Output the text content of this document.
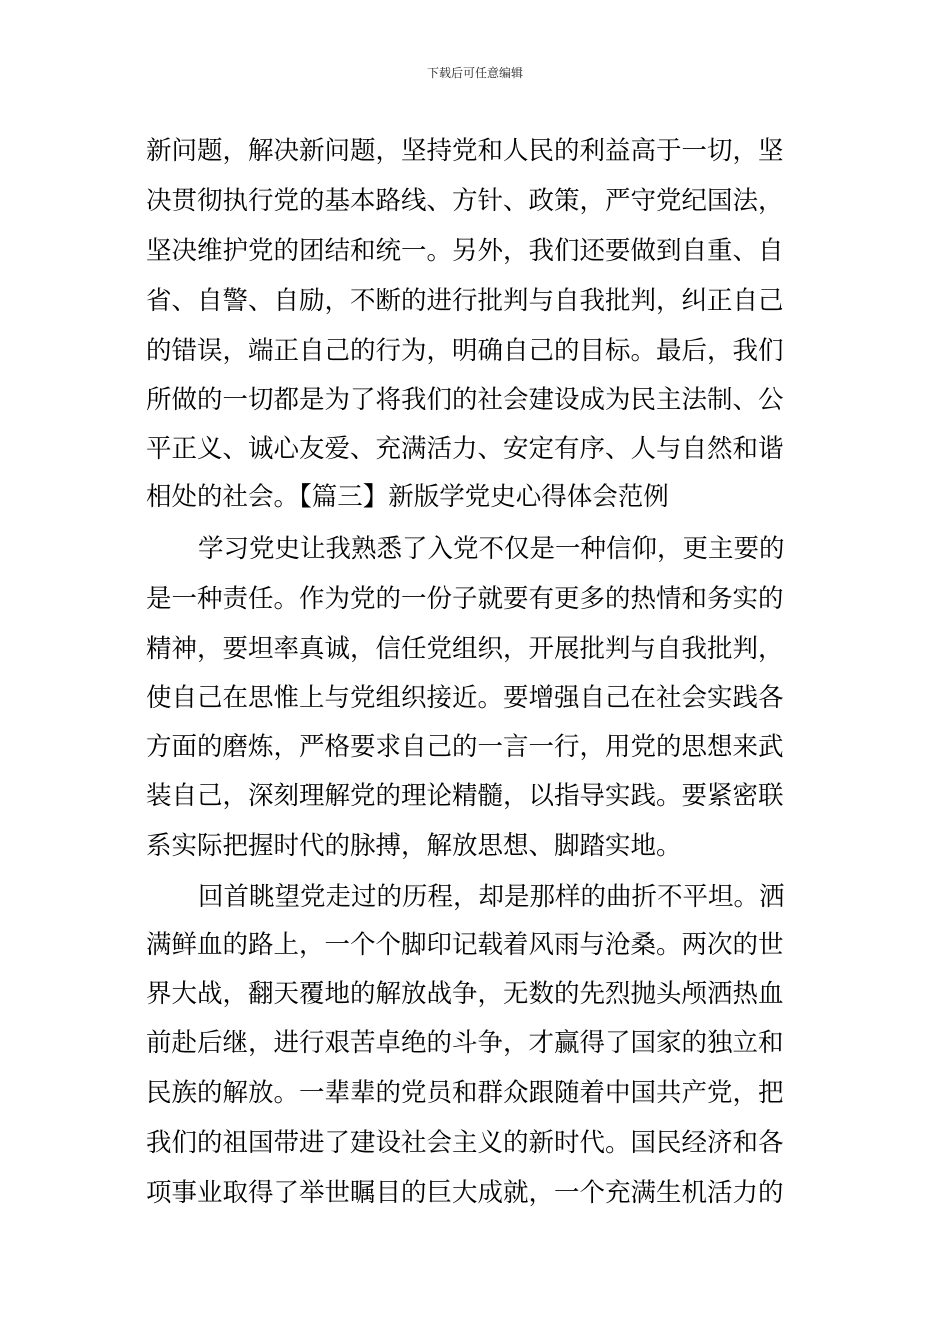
下载后可任意编辑
新问题，解决新问题，坚持党和人民的利益高于一切，坚
决贯彻执行党的基本路线、方针、政策，严守党纪国法，
坚决维护党的团结和统一。另外，我们还要做到自重、自
省、自警、自励，不断的进行批判与自我批判，纠正自己
的错误，端正自己的行为，明确自己的目标。最后，我们
所做的一切都是为了将我们的社会建设成为民主法制、公
平正义、诚心友爱、充满活力、安定有序、人与自然和谐
相处的社会。【篇三】新版学党史心得体会范例
学习党史让我熟悉了入党不仅是一种信仰，更主要的
是一种责任。作为党的一份子就要有更多的热情和务实的
精神，要坦率真诚，信任党组织，开展批判与自我批判，
使自己在思惟上与党组织接近。要增强自己在社会实践各
方面的磨炼，严格要求自己的一言一行，用党的思想来武
装自己，深刻理解党的理论精髓，以指导实践。要紧密联
系实际把握时代的脉搏，解放思想、脚踏实地。
回首眺望党走过的历程，却是那样的曲折不平坦。洒
满鲜血的路上，一个个脚印记载着风雨与沧桑。两次的世
界大战，翻天覆地的解放战争，无数的先烈抛头颅洒热血
前赴后继，进行艰苦卓绝的斗争，才赢得了国家的独立和
民族的解放。一辈辈的党员和群众跟随着中国共产党，把
我们的祖国带进了建设社会主义的新时代。国民经济和各
项事业取得了举世瞩目的巨大成就，一个充满生机活力的
